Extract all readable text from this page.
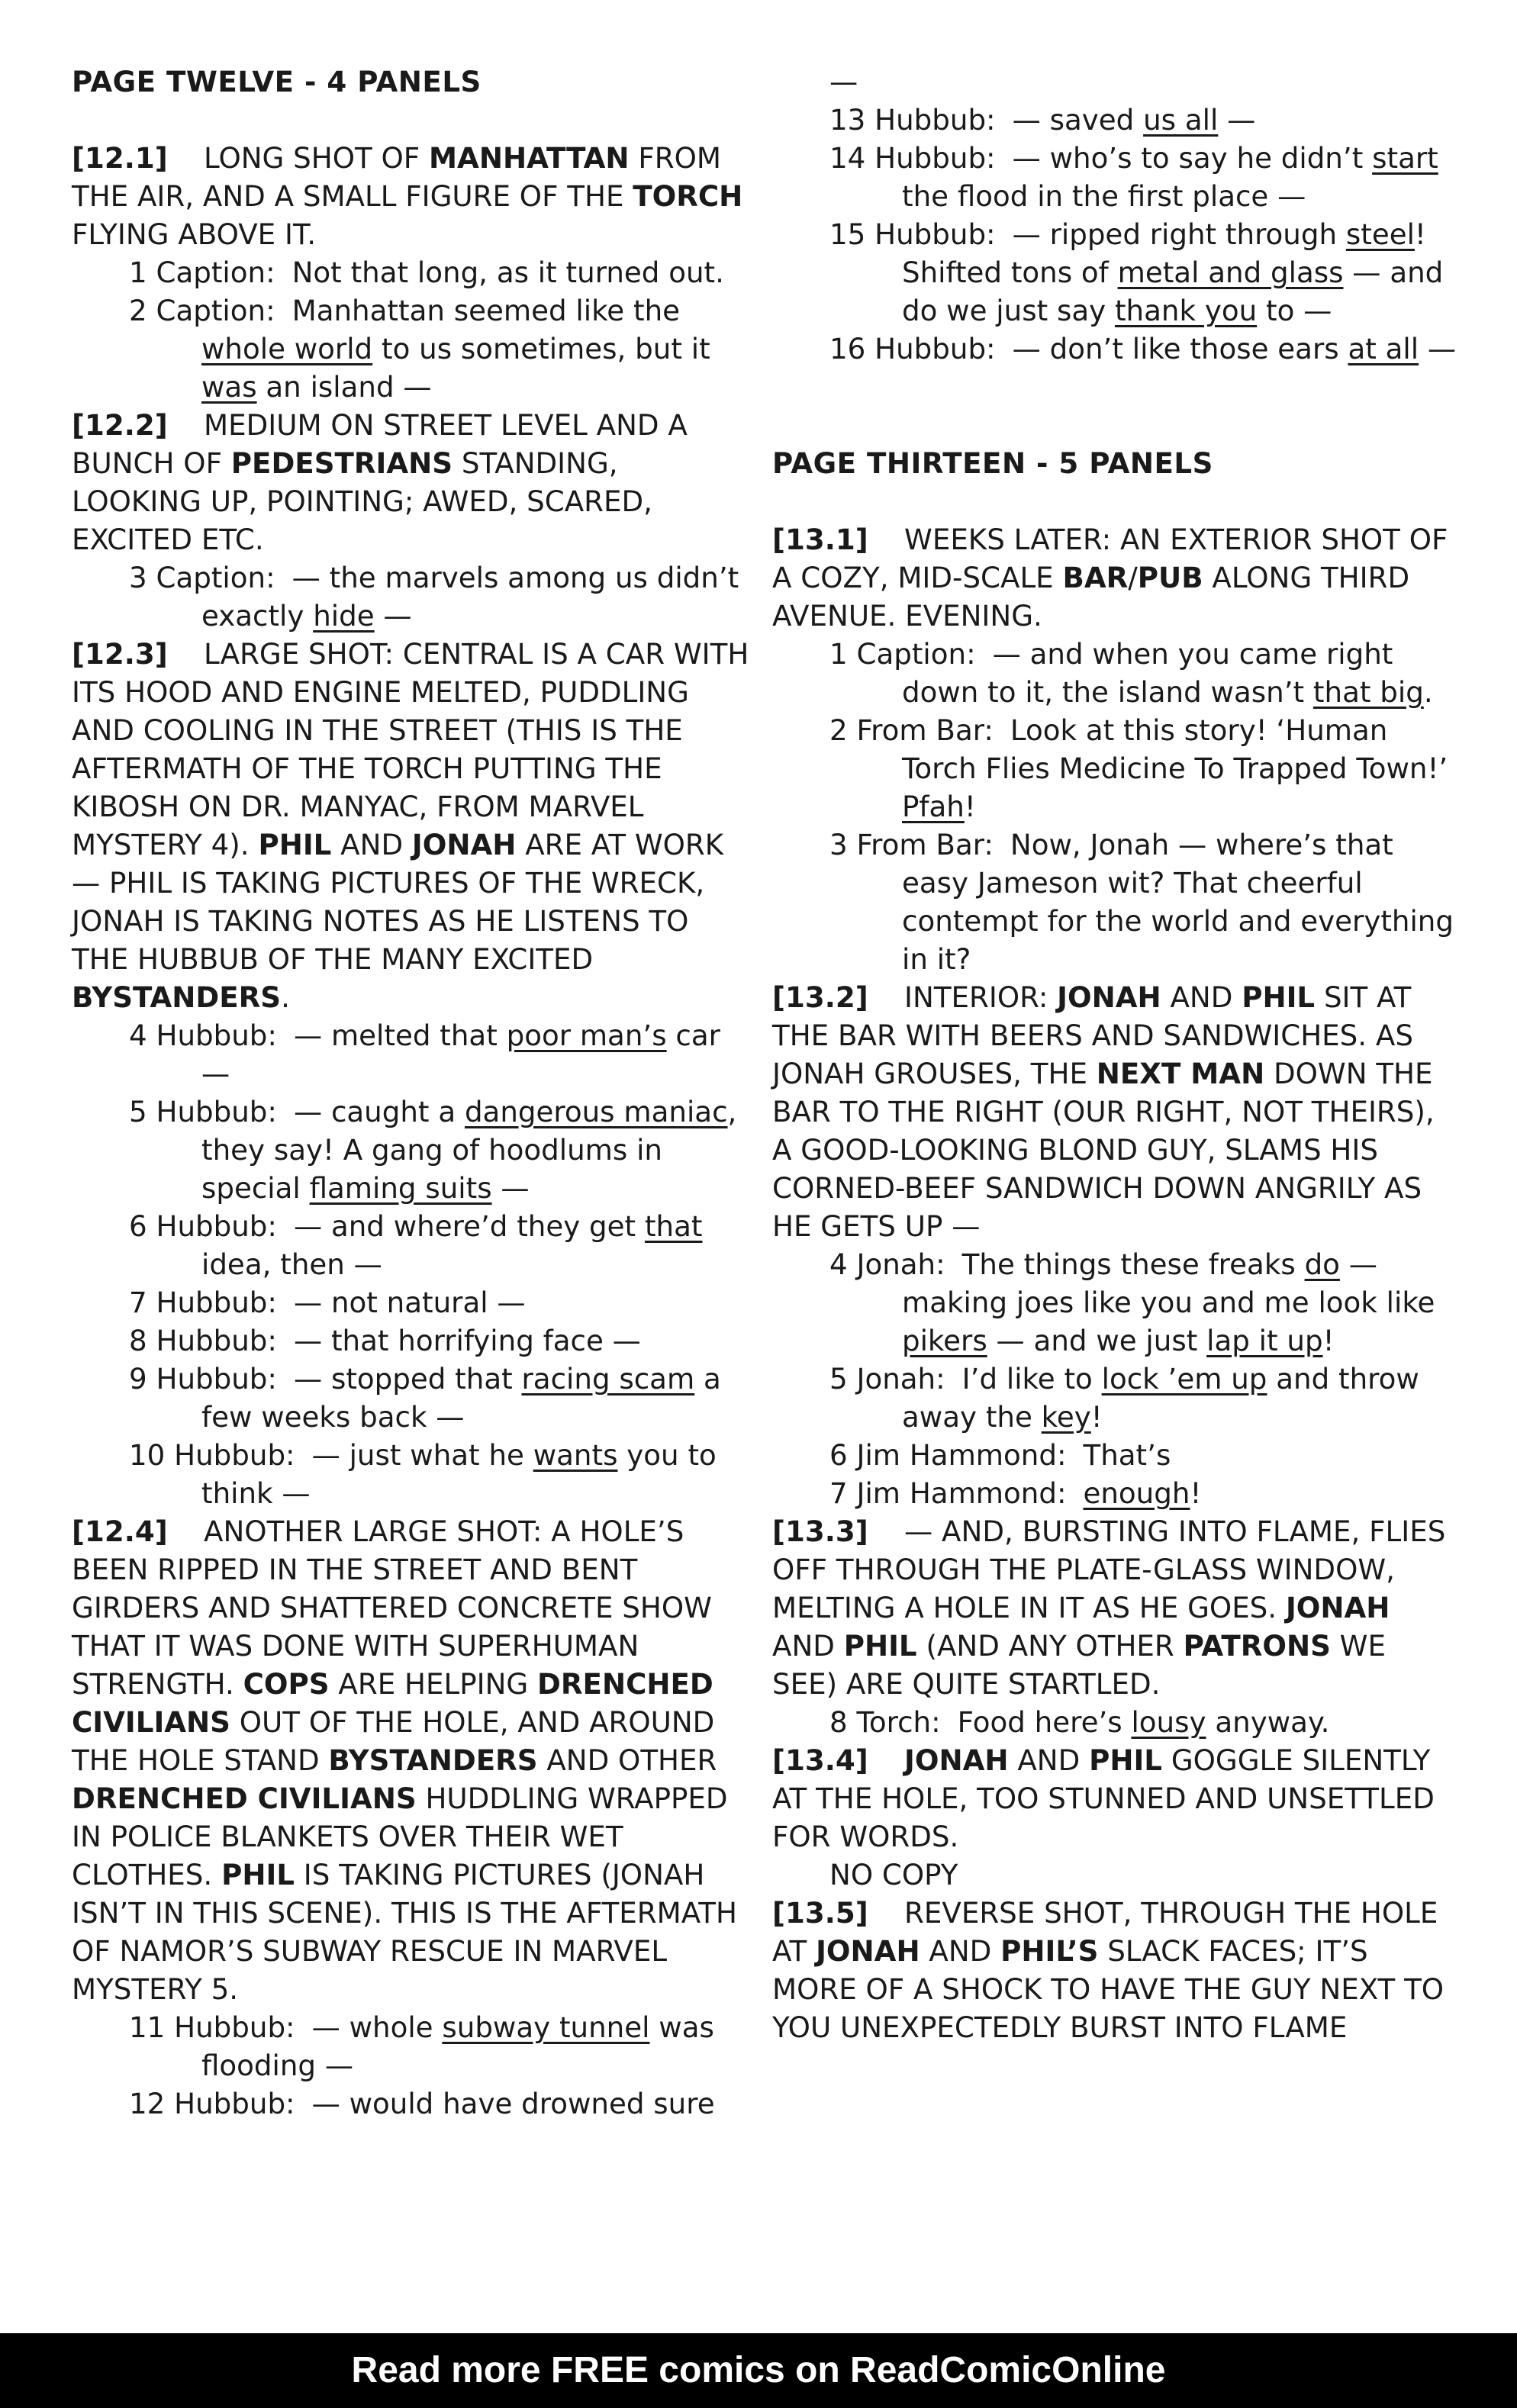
PAGE TWELVE - 4 PANELS

[12.1] LONG SHOT OF MANHATTAN FROM THE AIR, AND A SMALL FIGURE OF THE TORCH FLYING ABOVE IT.

1 Caption: Not that long, as it turned out.

2 Caption: Manhattan seemed like the whole world to us sometimes, but it was an island —

[12.2] MEDIUM ON STREET LEVEL AND A BUNCH OF PEDESTRIANS STANDING, LOOKING UP, POINTING; AWED, SCARED, EXCITED ETC.

3 Caption: — the marvels among us didn’t exactly hide —

[12.3] LARGE SHOT: CENTRAL IS A CAR WITH ITS HOOD AND ENGINE MELTED, PUDDLING AND COOLING IN THE STREET (THIS IS THE AFTERMATH OF THE TORCH PUTTING THE KIBOSH ON DR. MANYAC, FROM MARVEL MYSTERY 4). PHIL AND JONAH ARE AT WORK — PHIL IS TAKING PICTURES OF THE WRECK, JONAH IS TAKING NOTES AS HE LISTENS TO THE HUBBUB OF THE MANY EXCITED BYSTANDERS.

4 Hubbub: — melted that poor man’s car —

5 Hubbub: — caught a dangerous maniac, they say! A gang of hoodlums in special flaming suits —

6 Hubbub: — and where’d they get that idea, then —

7 Hubbub: — not natural —

8 Hubbub: — that horrifying face —

9 Hubbub: — stopped that racing scam a few weeks back —

10 Hubbub: — just what he wants you to think —

[12.4] ANOTHER LARGE SHOT: A HOLE’S BEEN RIPPED IN THE STREET AND BENT GIRDERS AND SHATTERED CONCRETE SHOW THAT IT WAS DONE WITH SUPERHUMAN STRENGTH. COPS ARE HELPING DRENCHED CIVILIANS OUT OF THE HOLE, AND AROUND THE HOLE STAND BYSTANDERS AND OTHER DRENCHED CIVILIANS HUDDLING WRAPPED IN POLICE BLANKETS OVER THEIR WET CLOTHES. PHIL IS TAKING PICTURES (JONAH ISN’T IN THIS SCENE). THIS IS THE AFTERMATH OF NAMOR’S SUBWAY RESCUE IN MARVEL MYSTERY 5.

11 Hubbub: — whole subway tunnel was flooding —

12 Hubbub: — would have drowned sure

—

13 Hubbub: — saved us all —

14 Hubbub: — who’s to say he didn’t start the flood in the first place —

15 Hubbub: — ripped right through steel! Shifted tons of metal and glass — and do we just say thank you to —

16 Hubbub: — don’t like those ears at all —

PAGE THIRTEEN - 5 PANELS

[13.1] WEEKS LATER: AN EXTERIOR SHOT OF A COZY, MID-SCALE BAR/PUB ALONG THIRD AVENUE. EVENING.

1 Caption: — and when you came right down to it, the island wasn’t that big.

2 From Bar: Look at this story! ‘Human Torch Flies Medicine To Trapped Town!’ Pfah!

3 From Bar: Now, Jonah — where’s that easy Jameson wit? That cheerful contempt for the world and everything in it?

[13.2] INTERIOR: JONAH AND PHIL SIT AT THE BAR WITH BEERS AND SANDWICHES. AS JONAH GROUSES, THE NEXT MAN DOWN THE BAR TO THE RIGHT (OUR RIGHT, NOT THEIRS), A GOOD-LOOKING BLOND GUY, SLAMS HIS CORNED-BEEF SANDWICH DOWN ANGRILY AS HE GETS UP —

4 Jonah: The things these freaks do — making joes like you and me look like pikers — and we just lap it up!

5 Jonah: I’d like to lock ’em up and throw away the key!

6 Jim Hammond: That’s

7 Jim Hammond: enough!

[13.3] — AND, BURSTING INTO FLAME, FLIES OFF THROUGH THE PLATE-GLASS WINDOW, MELTING A HOLE IN IT AS HE GOES. JONAH AND PHIL (AND ANY OTHER PATRONS WE SEE) ARE QUITE STARTLED.

8 Torch: Food here’s lousy anyway.

[13.4] JONAH AND PHIL GOGGLE SILENTLY AT THE HOLE, TOO STUNNED AND UNSETTLED FOR WORDS.

NO COPY

[13.5] REVERSE SHOT, THROUGH THE HOLE AT JONAH AND PHIL’S SLACK FACES; IT’S MORE OF A SHOCK TO HAVE THE GUY NEXT TO YOU UNEXPECTEDLY BURST INTO FLAME

Read more FREE comics on ReadComicOnline
